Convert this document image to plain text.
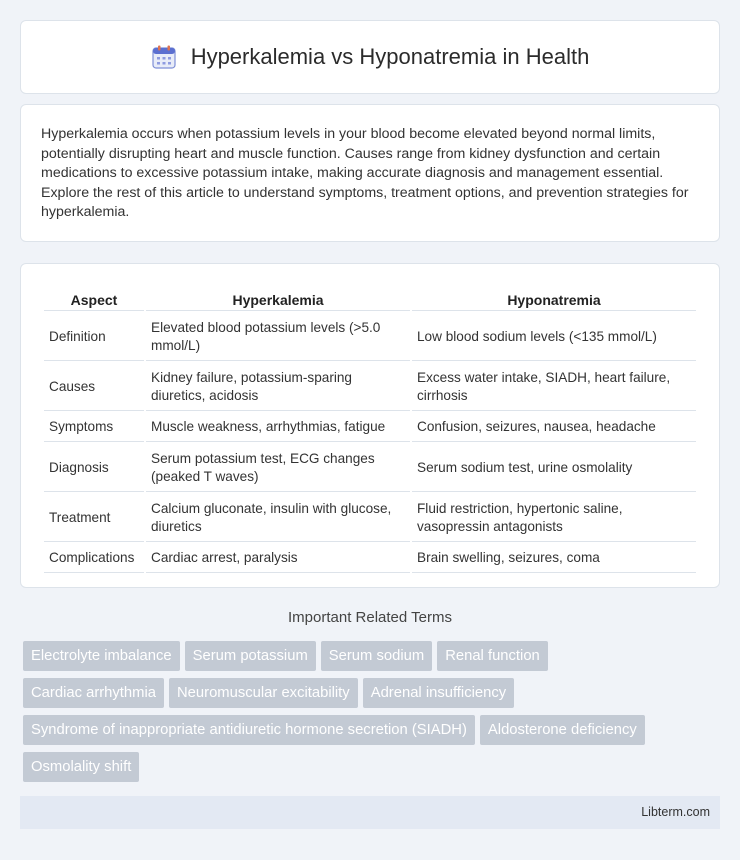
Hyperkalemia vs Hyponatremia in Health

Hyperkalemia occurs when potassium levels in your blood become elevated beyond normal limits, potentially disrupting heart and muscle function. Causes range from kidney dysfunction and certain medications to excessive potassium intake, making accurate diagnosis and management essential. Explore the rest of this article to understand symptoms, treatment options, and prevention strategies for hyperkalemia.

Aspect	Hyperkalemia	Hyponatremia
Definition	Elevated blood potassium levels (>5.0 mmol/L)	Low blood sodium levels (<135 mmol/L)
Causes	Kidney failure, potassium-sparing diuretics, acidosis	Excess water intake, SIADH, heart failure, cirrhosis
Symptoms	Muscle weakness, arrhythmias, fatigue	Confusion, seizures, nausea, headache
Diagnosis	Serum potassium test, ECG changes (peaked T waves)	Serum sodium test, urine osmolality
Treatment	Calcium gluconate, insulin with glucose, diuretics	Fluid restriction, hypertonic saline, vasopressin antagonists
Complications	Cardiac arrest, paralysis	Brain swelling, seizures, coma
Important Related Terms
Electrolyte imbalance Serum potassium Serum sodium Renal function
Cardiac arrhythmia Neuromuscular excitability Adrenal insufficiency
Syndrome of inappropriate antidiuretic hormone secretion (SIADH) Aldosterone deficiency
Osmolality shift
Libterm.com
